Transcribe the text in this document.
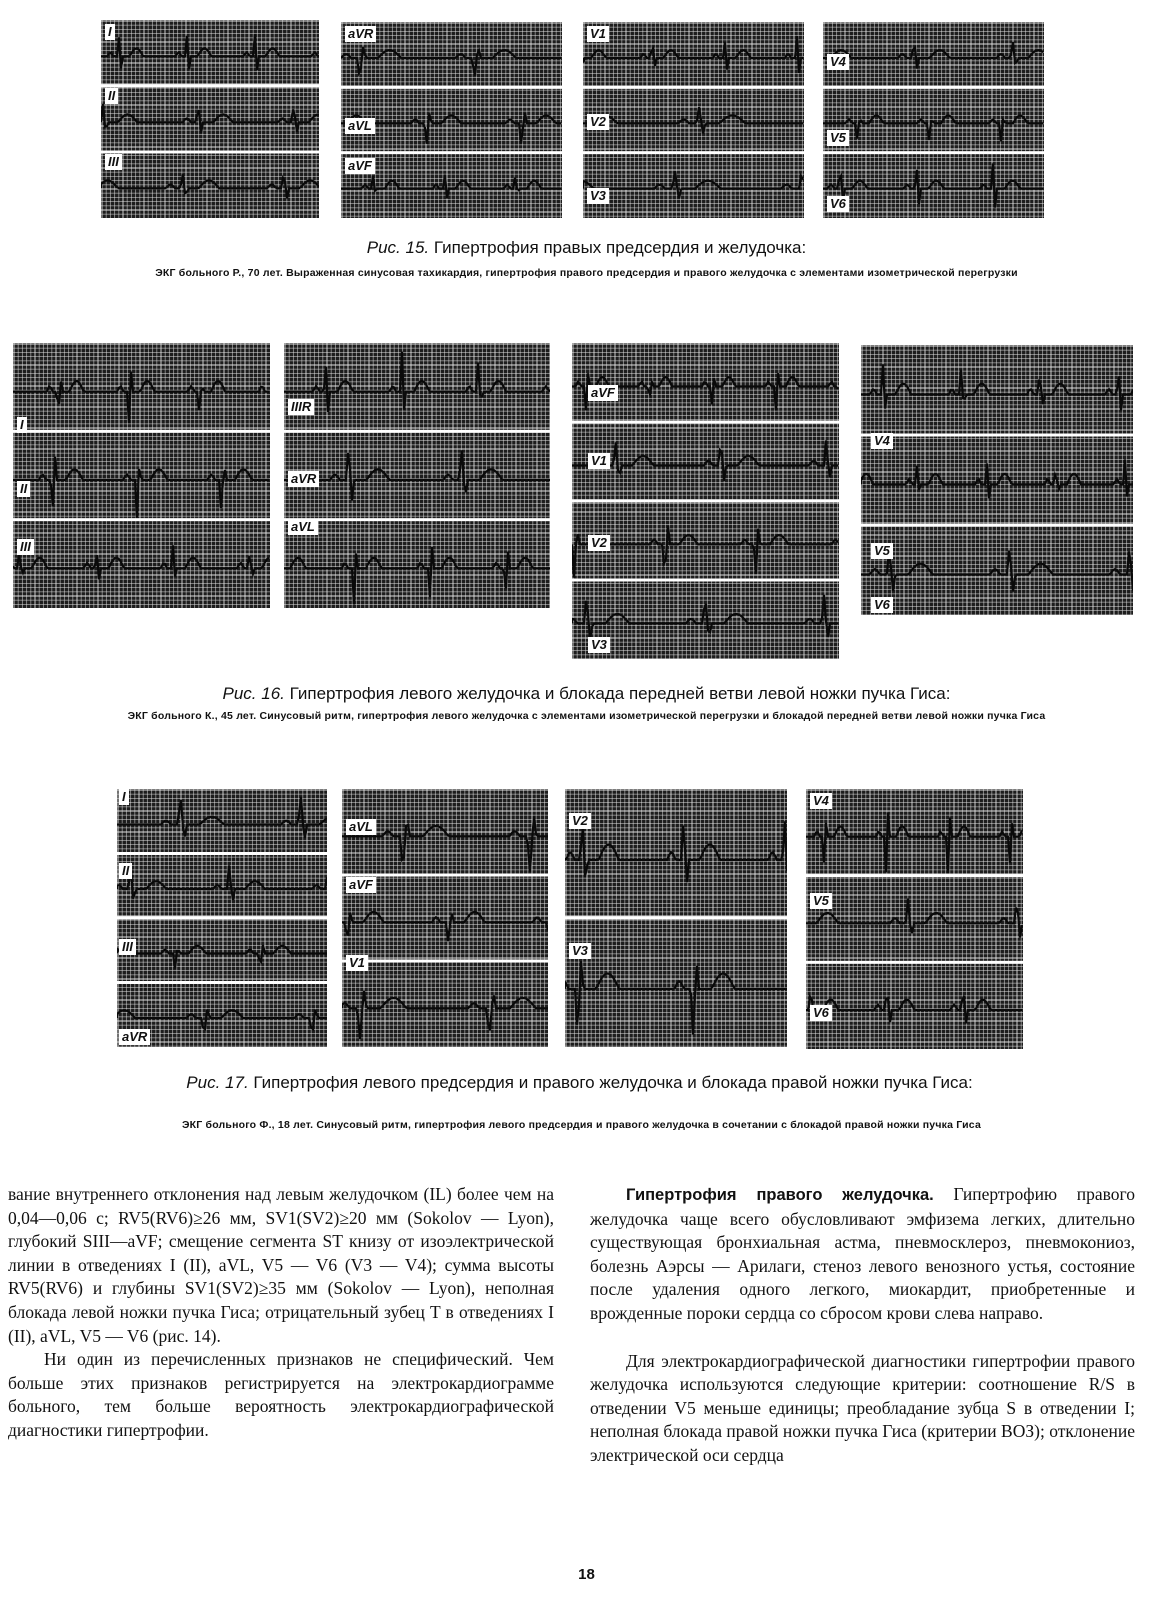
I
II
III
aVR
aVL
aVF
V1
V2
V3
V4
V5
V6
Рис. 15. Гипертрофия правых предсердия и желудочка:
ЭКГ больного Р., 70 лет. Выраженная синусовая тахикардия, гипертрофия правого предсердия и правого желудочка с элементами изометрической перегрузки
I
II
III
IIIR
aVR
aVL
aVF
V1
V2
V3
V4
V5
V6
Рис. 16. Гипертрофия левого желудочка и блокада передней ветви левой ножки пучка Гиса:
ЭКГ больного К., 45 лет. Синусовый ритм, гипертрофия левого желудочка с элементами изометрической перегрузки и блокадой передней ветви левой ножки пучка Гиса
I
II
III
aVR
aVL
aVF
V1
V2
V3
V4
V5
V6
Рис. 17. Гипертрофия левого предсердия и правого желудочка и блокада правой ножки пучка Гиса:
ЭКГ больного Ф., 18 лет. Синусовый ритм, гипертрофия левого предсердия и правого желудочка в сочетании с блокадой правой ножки пучка Гиса

вание внутреннего отклонения над левым желудочком (IL) более чем на 0,04—0,06 с; RV5(RV6)≥26 мм, SV1(SV2)≥20 мм (Sokolov — Lyon), глубокий SIII—aVF; смещение сегмента ST книзу от изоэлектрической линии в отведениях I (II), aVL, V5 — V6 (V3 — V4); сумма высоты RV5(RV6) и глубины SV1(SV2)≥35 мм (Sokolov — Lyon), неполная блокада левой ножки пучка Гиса; отрицательный зубец T в отведениях I (II), aVL, V5 — V6 (рис. 14).

Ни один из перечисленных признаков не специфический. Чем больше этих признаков регистрируется на электрокардиограмме больного, тем больше вероятность электрокардиографической диагностики гипертрофии.

Гипертрофия правого желудочка. Гипертрофию правого желудочка чаще всего обусловливают эмфизема легких, длительно существующая бронхиальная астма, пневмосклероз, пневмокониоз, болезнь Аэрсы — Арилаги, стеноз левого венозного устья, состояние после удаления одного легкого, миокардит, приобретенные и врожденные пороки сердца со сбросом крови слева направо.

Для электрокардиографической диагностики гипертрофии правого желудочка используются следующие критерии: соотношение R/S в отведении V5 меньше единицы; преобладание зубца S в отведении I; неполная блокада правой ножки пучка Гиса (критерии ВОЗ); отклонение электрической оси сердца

18
